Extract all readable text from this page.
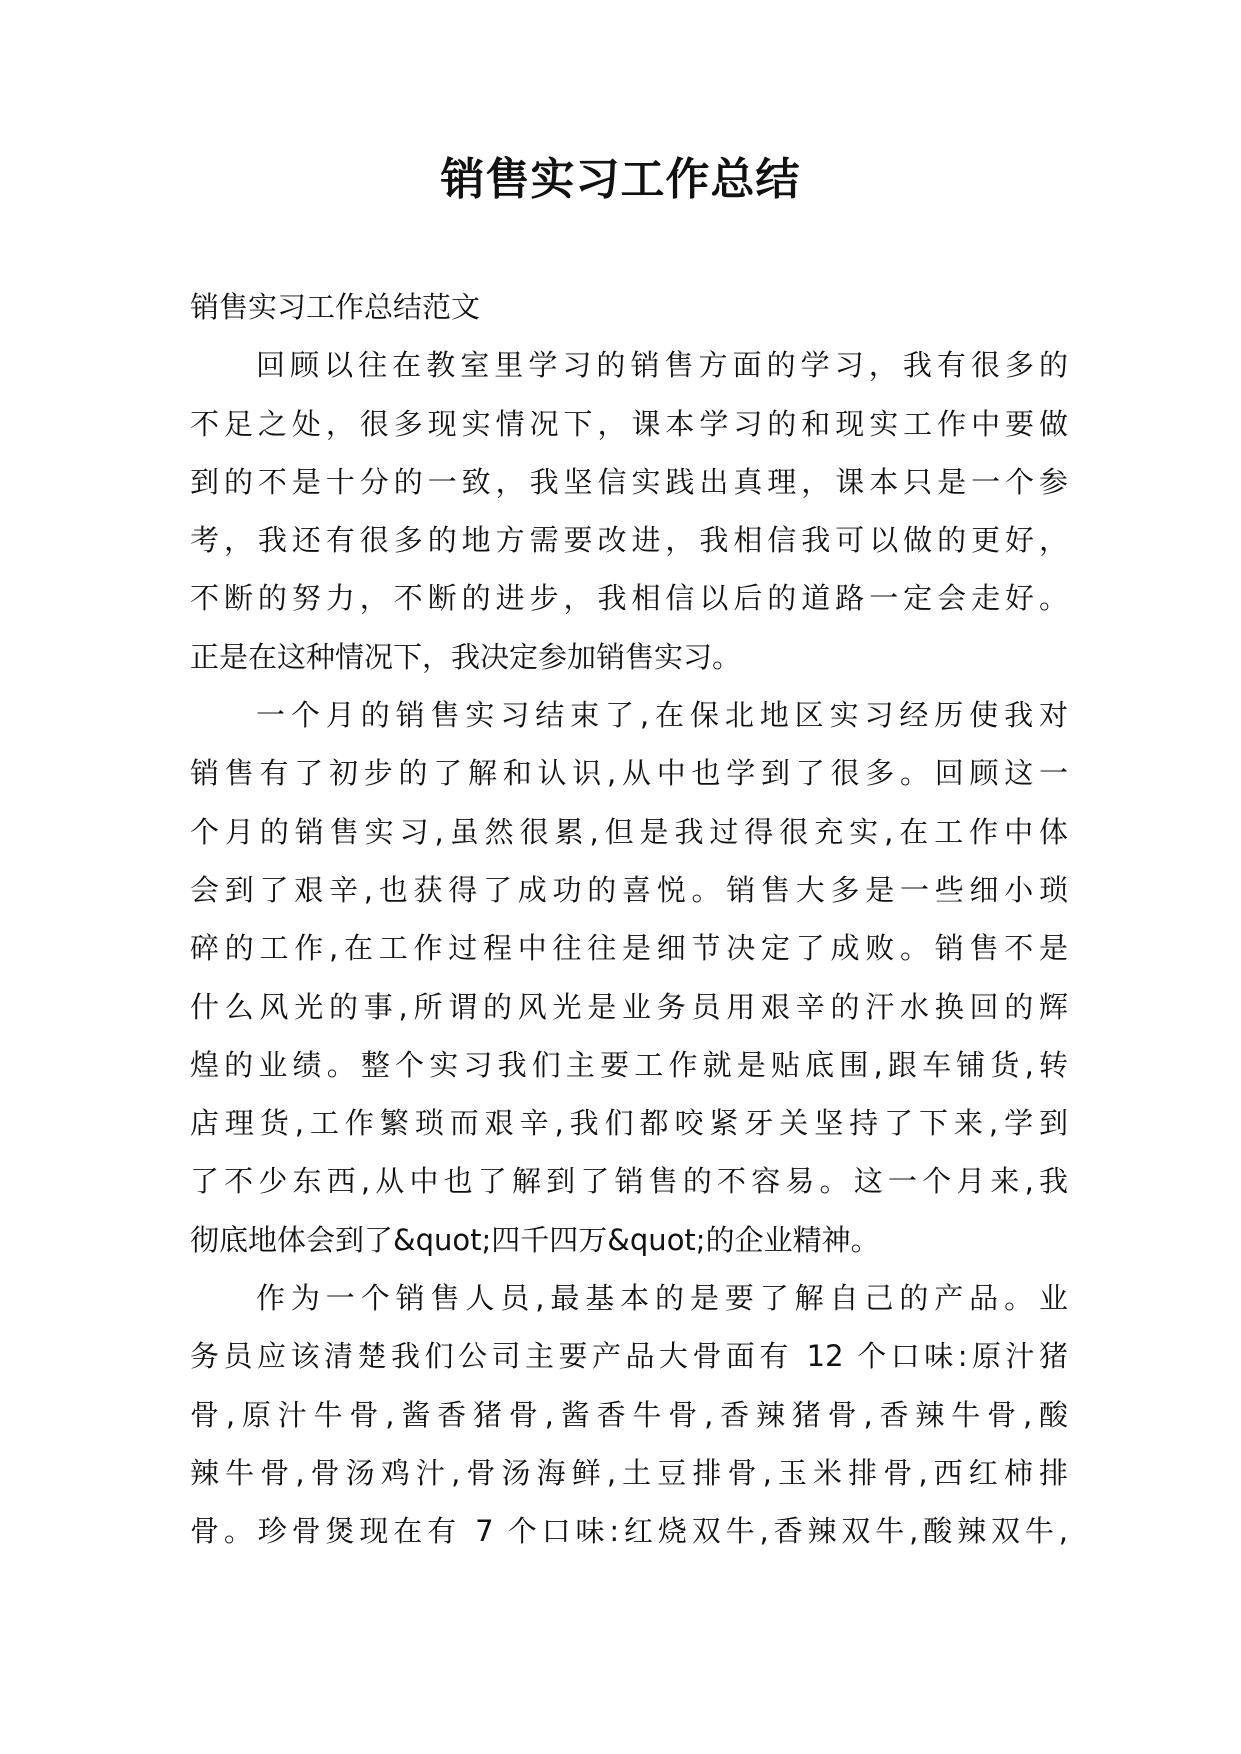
销售实习工作总结
销售实习工作总结范文
回顾以往在教室里学习的销售方面的学习，我有很多的
不足之处，很多现实情况下，课本学习的和现实工作中要做
到的不是十分的一致，我坚信实践出真理，课本只是一个参
考，我还有很多的地方需要改进，我相信我可以做的更好，
不断的努力，不断的进步，我相信以后的道路一定会走好。
正是在这种情况下，我决定参加销售实习。
一个月的销售实习结束了,在保北地区实习经历使我对
销售有了初步的了解和认识,从中也学到了很多。回顾这一
个月的销售实习,虽然很累,但是我过得很充实,在工作中体
会到了艰辛,也获得了成功的喜悦。销售大多是一些细小琐
碎的工作,在工作过程中往往是细节决定了成败。销售不是
什么风光的事,所谓的风光是业务员用艰辛的汗水换回的辉
煌的业绩。整个实习我们主要工作就是贴底围,跟车铺货,转
店理货,工作繁琐而艰辛,我们都咬紧牙关坚持了下来,学到
了不少东西,从中也了解到了销售的不容易。这一个月来,我
彻底地体会到了&quot;四千四万&quot;的企业精神。
作为一个销售人员,最基本的是要了解自己的产品。业
务员应该清楚我们公司主要产品大骨面有 12 个口味:原汁猪
骨,原汁牛骨,酱香猪骨,酱香牛骨,香辣猪骨,香辣牛骨,酸
辣牛骨,骨汤鸡汁,骨汤海鲜,土豆排骨,玉米排骨,西红柿排
骨。珍骨煲现在有 7 个口味:红烧双牛,香辣双牛,酸辣双牛,
